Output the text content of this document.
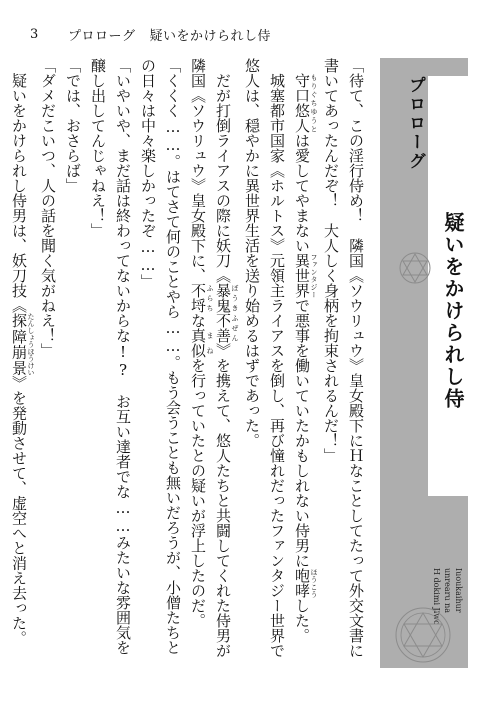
3	プロローグ 疑いをかけられし侍

「待て、この淫行侍め！　隣国《ソウリュウ》皇女殿下にＨなことしてたって外交文書に書いてあったんだぞ！　大人しく身柄を拘束されるんだ！」

　守口悠人 もりぐちゆうとは愛してやまない異世界 ファンタジーで悪事を働いていたかもしれない侍男に咆哮 ほうこうした。

　城塞都市国家《ホルトス》元領主ライアスを倒し、再び憧れだったファンタジー世界で悠人は、穏やかに異世界生活を送り始めるはずであった。

　だが打倒ライアスの際に妖刀《暴鬼不善 ぼうきふぜん》を携えて、悠人たちと共闘してくれた侍男が隣国《ソウリュウ》皇女殿下に、不埒 ふらちな真似 まねを行っていたとの疑いが浮上したのだ。

「くくく……。はてさて何のことやら……。もう会うことも無いだろうが、小僧たちとの日々は中々楽しかったぞ……」

「いやいや、まだ話は終わってないからな!?　お互い達者でな……みたいな雰囲気を醸し出してんじゃねえ！」

「では、おさらば」

「ダメだこいつ、人の話を聞く気がねえ！」

　疑いをかけられし侍男は、妖刀技《探障崩景 たんしょうほうけい》を発動させて、虚空へと消え去った。

プロローグ
疑いをかけられし侍
Iuoukaihur
unrearu na
H dokimi Jiwo
